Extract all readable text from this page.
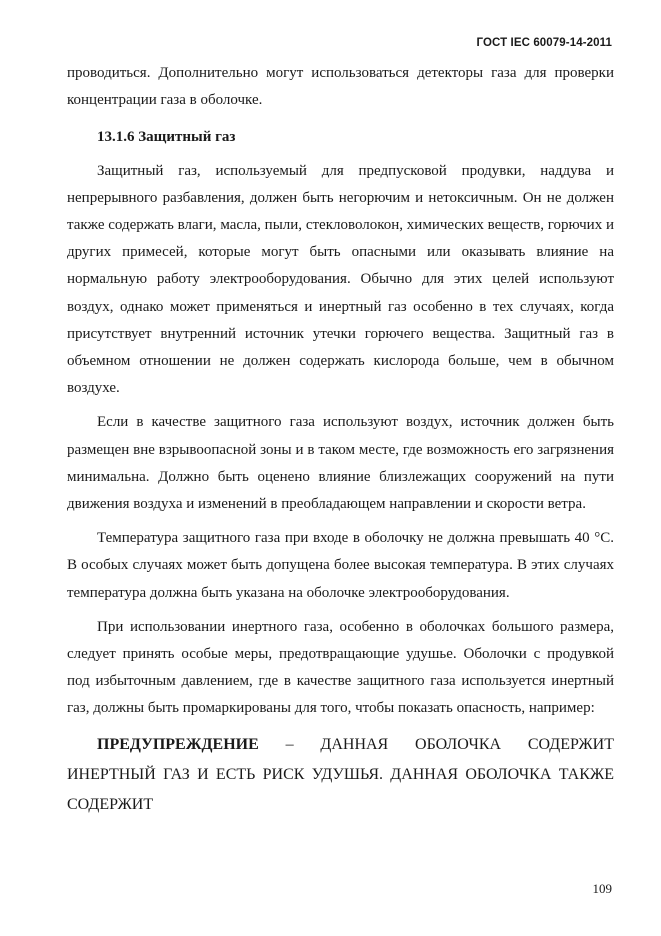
ГОСТ IEC 60079-14-2011

проводиться. Дополнительно могут использоваться детекторы газа для проверки концентрации газа в оболочке.

13.1.6 Защитный газ

Защитный газ, используемый для предпусковой продувки, наддува и непрерывного разбавления, должен быть негорючим и нетоксичным. Он не должен также содержать влаги, масла, пыли, стекловолокон, химических веществ, горючих и других примесей, которые могут быть опасными или оказывать влияние на нормальную работу электрооборудования. Обычно для этих целей используют воздух, однако может применяться и инертный газ особенно в тех случаях, когда присутствует внутренний источник утечки горючего вещества. Защитный газ в объемном отношении не должен содержать кислорода больше, чем в обычном воздухе.

Если в качестве защитного газа используют воздух, источник должен быть размещен вне взрывоопасной зоны и в таком месте, где возможность его загрязнения минимальна. Должно быть оценено влияние близлежащих сооружений на пути движения воздуха и изменений в преобладающем направлении и скорости ветра.

Температура защитного газа при входе в оболочку не должна превышать 40 °С. В особых случаях может быть допущена более высокая температура. В этих случаях температура должна быть указана на оболочке электрооборудования.

При использовании инертного газа, особенно в оболочках большого размера, следует принять особые меры, предотвращающие удушье. Оболочки с продувкой под избыточным давлением, где в качестве защитного газа используется инертный газ, должны быть промаркированы для того, чтобы показать опасность, например:

ПРЕДУПРЕЖДЕНИЕ – ДАННАЯ ОБОЛОЧКА СОДЕРЖИТ ИНЕРТНЫЙ ГАЗ И ЕСТЬ РИСК УДУШЬЯ. ДАННАЯ ОБОЛОЧКА ТАКЖЕ СОДЕРЖИТ

109
